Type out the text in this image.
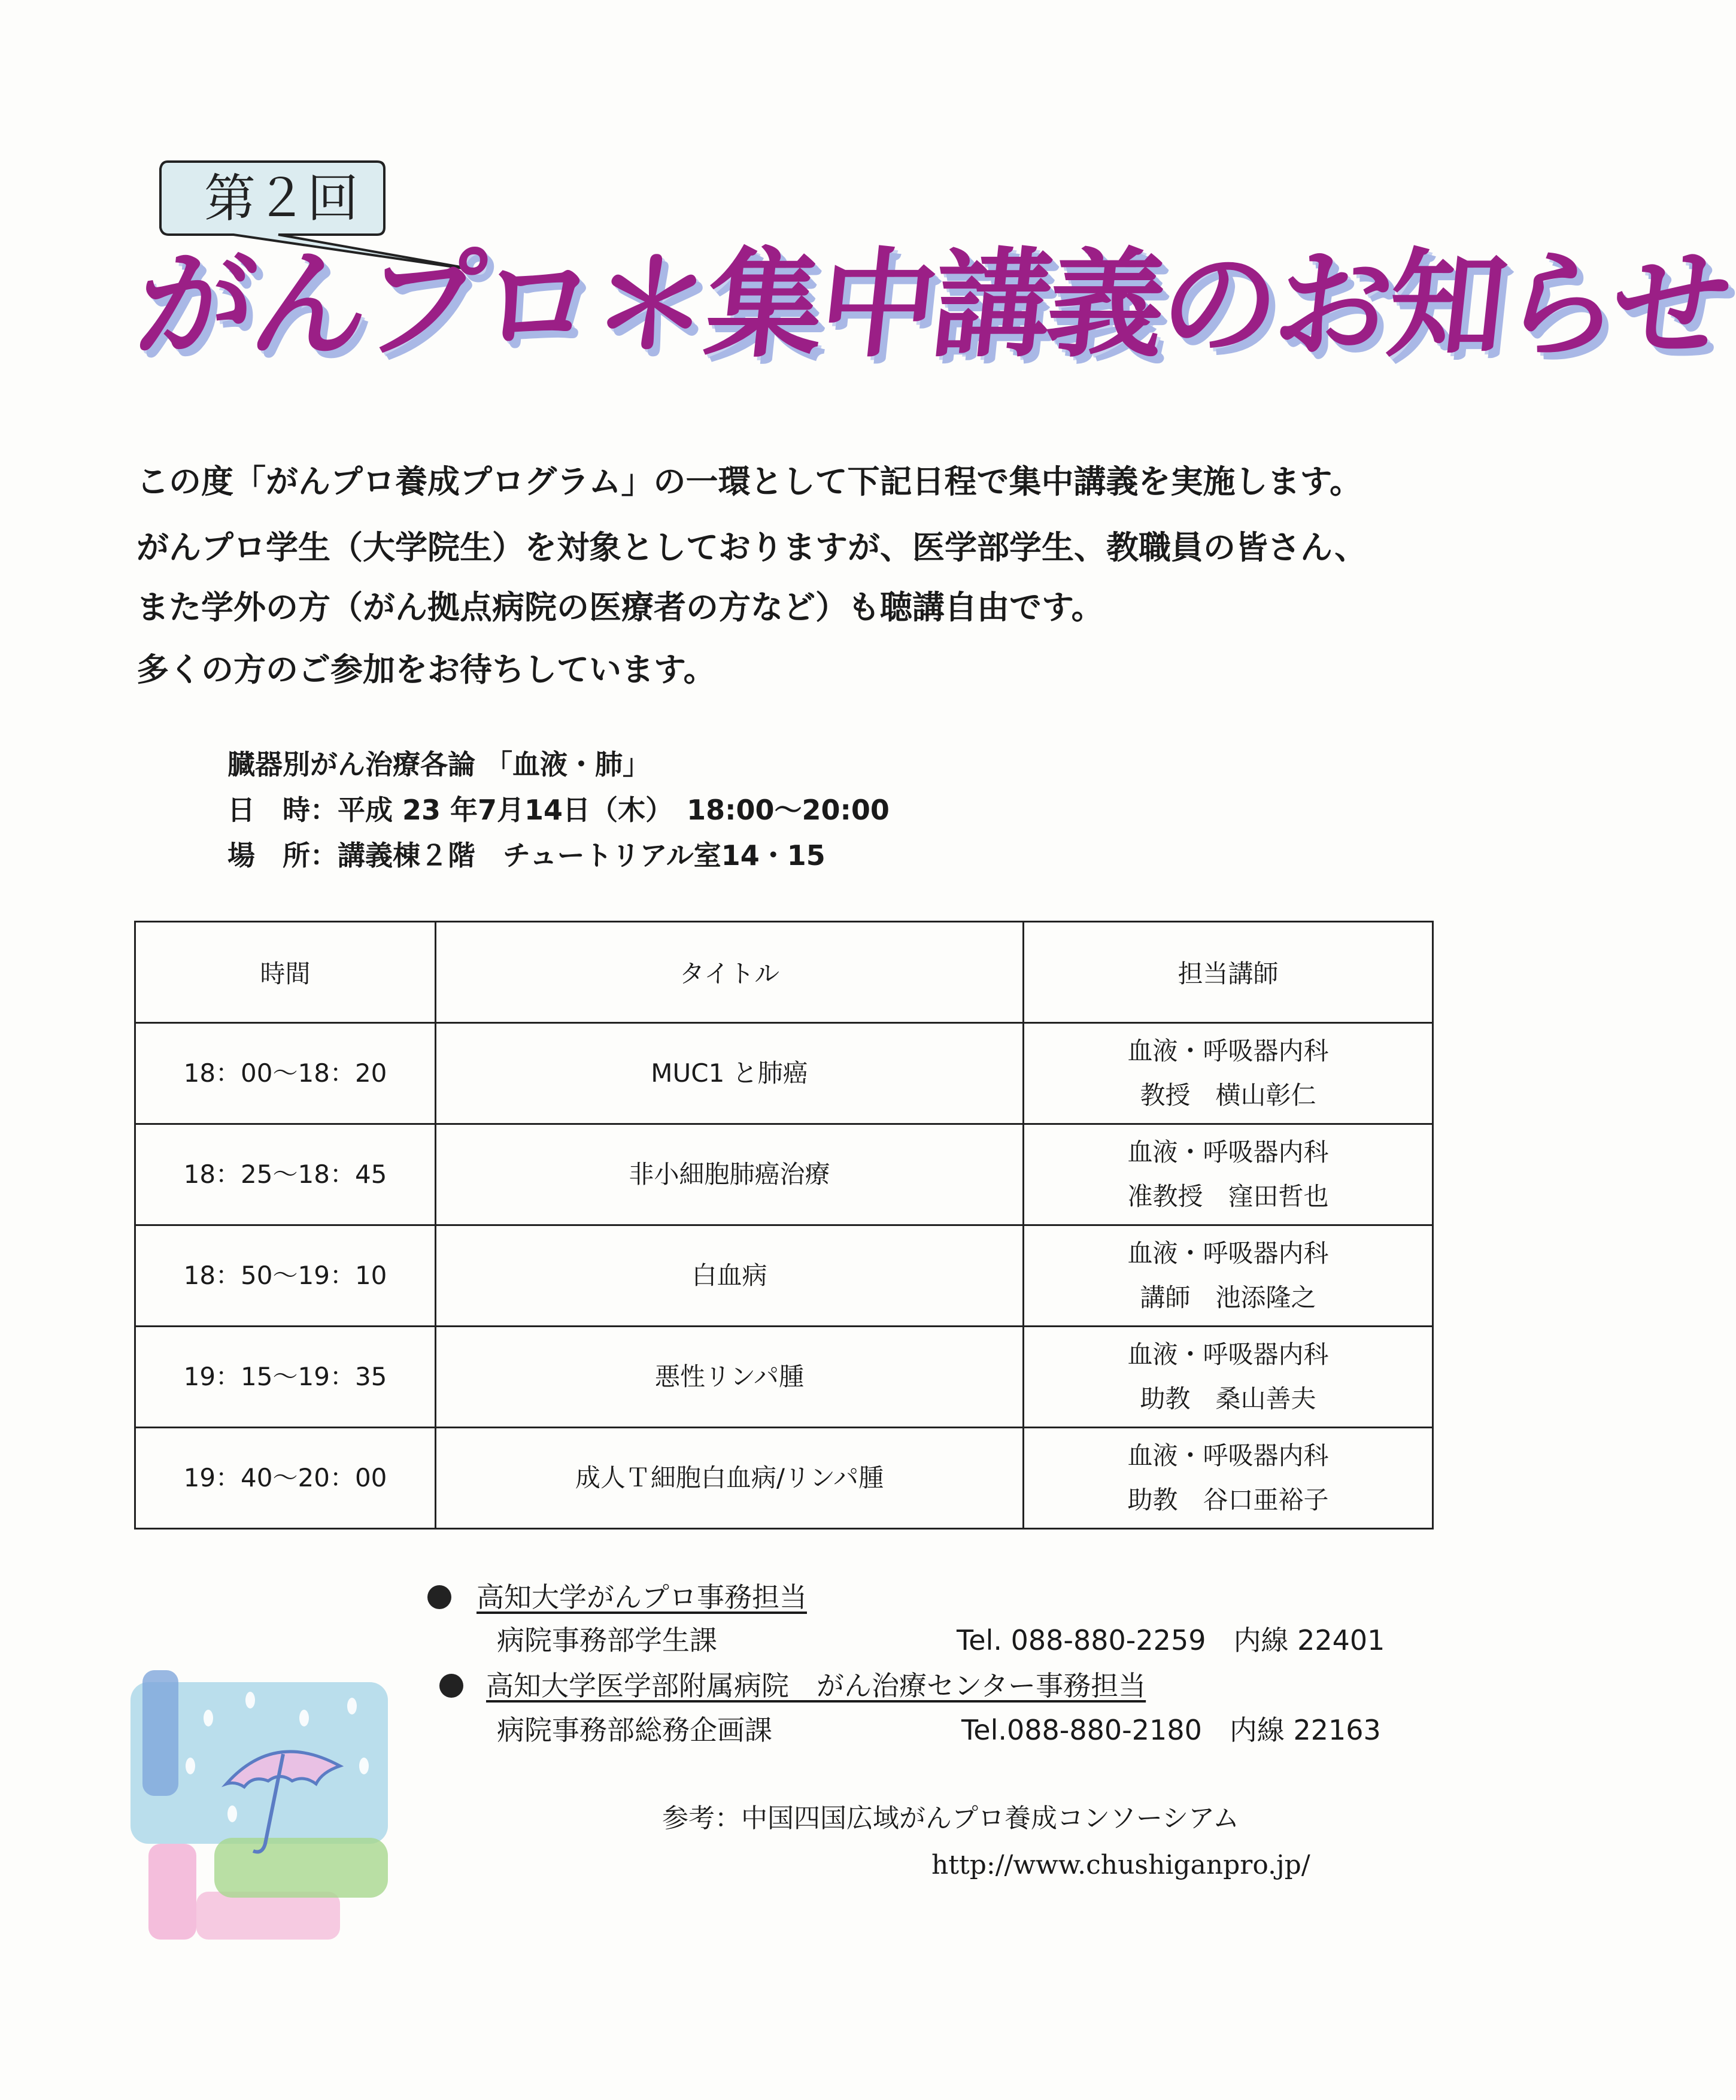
第２回
がんプロ＊集中講義のお知らせ
この度「がんプロ養成プログラム」の一環として下記日程で集中講義を実施します。
がんプロ学生（大学院生）を対象としておりますが、医学部学生、教職員の皆さん、
また学外の方（がん拠点病院の医療者の方など）も聴講自由です。
多くの方のご参加をお待ちしています。
臓器別がん治療各論 「血液・肺」
日　時：平成 23 年7月14日（木）　18:00～20:00
場　所：講義棟２階　チュートリアル室14・15
時間	タイトル	担当講師
18：00～18：20	MUC1 と肺癌	血液・呼吸器内科
教授　横山彰仁

18：25～18：45	非小細胞肺癌治療	血液・呼吸器内科
准教授　窪田哲也

18：50～19：10	白血病	血液・呼吸器内科
講師　池添隆之

19：15～19：35	悪性リンパ腫	血液・呼吸器内科
助教　桑山善夫

19：40～20：00	成人Ｔ細胞白血病/リンパ腫	血液・呼吸器内科
助教　谷口亜裕子
高知大学がんプロ事務担当
病院事務部学生課	Tel. 088-880-2259　内線 22401
高知大学医学部附属病院　がん治療センター事務担当
病院事務部総務企画課	Tel.088-880-2180　内線 22163
参考：中国四国広域がんプロ養成コンソーシアム
http://www.chushiganpro.jp/
